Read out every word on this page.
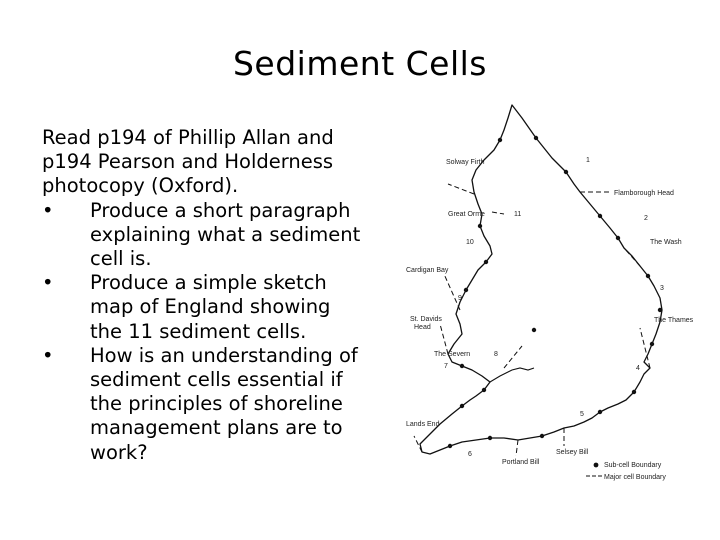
Sediment Cells

Read p194 of Phillip Allan and

p194 Pearson and Holderness

photocopy (Oxford).

•	Produce a short paragraph
explaining what a sediment
cell is.
•	Produce a simple sketch
map of England showing
the 11 sediment cells.
•	How is an understanding of
sediment cells essential if
the principles of shoreline
management plans are to
work?
Flamborough Head
Solway Firth
Great Orme
The Wash
Cardigan Bay
St. Davids
Head
The Thames
The Severn
Lands End
Portland Bill
Selsey Bill
1
2
3
4
5
6
7
8
9
10
11
Sub-cell Boundary
Major cell Boundary
